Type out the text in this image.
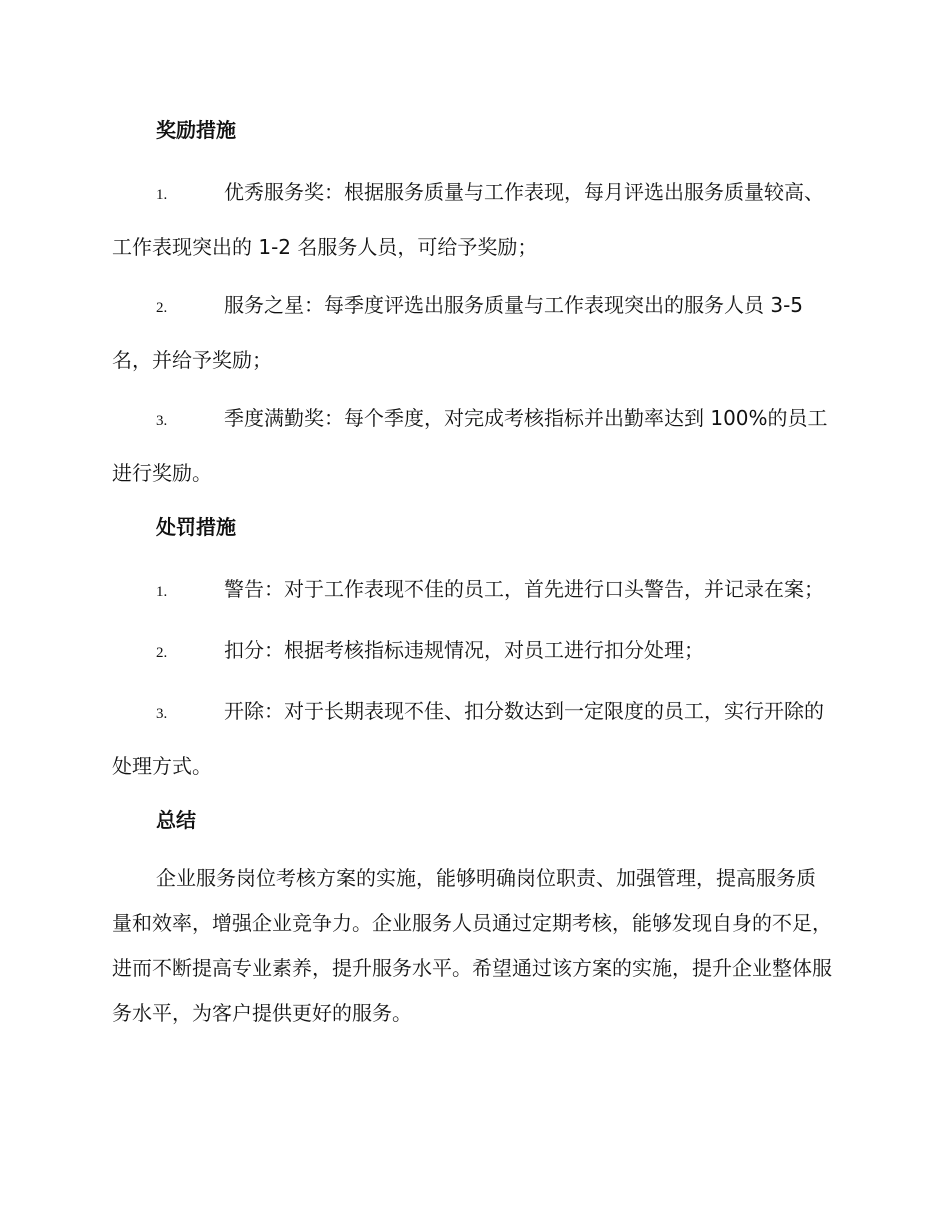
奖励措施
1.	优秀服务奖：根据服务质量与工作表现，每月评选出服务质量较高、工作表现突出的 1-2 名服务人员，可给予奖励；
2.	服务之星：每季度评选出服务质量与工作表现突出的服务人员 3-5 名，并给予奖励；
3.	季度满勤奖：每个季度，对完成考核指标并出勤率达到 100%的员工进行奖励。
处罚措施
1.	警告：对于工作表现不佳的员工，首先进行口头警告，并记录在案；
2.	扣分：根据考核指标违规情况，对员工进行扣分处理；
3.	开除：对于长期表现不佳、扣分数达到一定限度的员工，实行开除的处理方式。
总结

企业服务岗位考核方案的实施，能够明确岗位职责、加强管理，提高服务质量和效率，增强企业竞争力。企业服务人员通过定期考核，能够发现自身的不足，进而不断提高专业素养，提升服务水平。希望通过该方案的实施，提升企业整体服务水平，为客户提供更好的服务。
